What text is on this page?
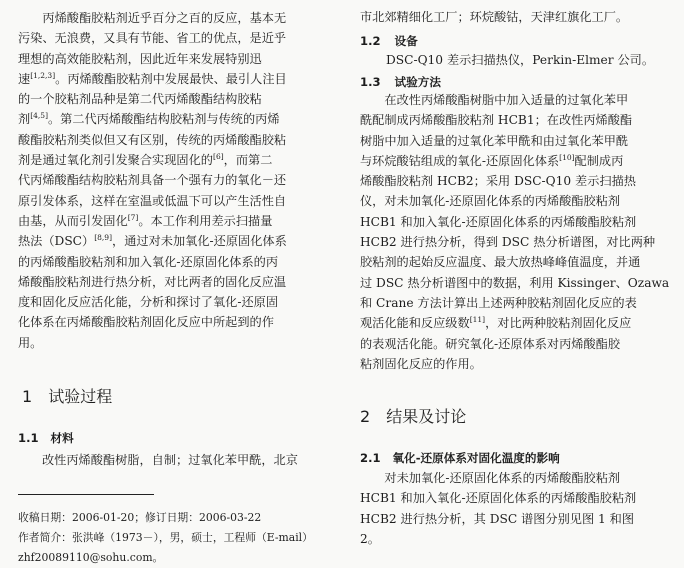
丙烯酸酯胶粘剂近乎百分之百的反应，基本无

污染、无浪费，又具有节能、省工的优点，是近乎

理想的高效能胶粘剂，因此近年来发展特别迅

速[1,2,3]。丙烯酸酯胶粘剂中发展最快、最引人注目

的一个胶粘剂品种是第二代丙烯酸酯结构胶粘

剂[4,5]。第二代丙烯酸酯结构胶粘剂与传统的丙烯

酸酯胶粘剂类似但又有区别，传统的丙烯酸酯胶粘

剂是通过氧化剂引发聚合实现固化的[6]，而第二

代丙烯酸酯结构胶粘剂具备一个强有力的氧化－还

原引发体系，这样在室温或低温下可以产生活性自

由基，从而引发固化[7]。本工作利用差示扫描量

热法（DSC）[8,9]，通过对未加氧化-还原固化体系

的丙烯酸酯胶粘剂和加入氧化-还原固化体系的丙

烯酸酯胶粘剂进行热分析，对比两者的固化反应温

度和固化反应活化能，分析和探讨了氧化-还原固

化体系在丙烯酸酯胶粘剂固化反应中所起到的作

用。

1 试验过程
1.1 材料

改性丙烯酸酯树脂，自制；过氧化苯甲酰，北京

收稿日期：2006-01-20；修订日期：2006-03-22

作者简介：张洪峰（1973－），男，硕士，工程师（E-mail）

zhf20089110@sohu.com。

市北郊精细化工厂；环烷酸钴，天津红旗化工厂。

1.2 设备

DSC-Q10 差示扫描热仪，Perkin-Elmer 公司。

1.3 试验方法

在改性丙烯酸酯树脂中加入适量的过氧化苯甲

酰配制成丙烯酸酯胶粘剂 HCB1；在改性丙烯酸酯

树脂中加入适量的过氧化苯甲酰和由过氧化苯甲酰

与环烷酸钴组成的氧化-还原固化体系[10]配制成丙

烯酸酯胶粘剂 HCB2；采用 DSC-Q10 差示扫描热

仪，对未加氧化-还原固化体系的丙烯酸酯胶粘剂

HCB1 和加入氧化-还原固化体系的丙烯酸酯胶粘剂

HCB2 进行热分析，得到 DSC 热分析谱图，对比两种

胶粘剂的起始反应温度、最大放热峰峰值温度，并通

过 DSC 热分析谱图中的数据，利用 Kissinger、Ozawa

和 Crane 方法计算出上述两种胶粘剂固化反应的表

观活化能和反应级数[11]，对比两种胶粘剂固化反应

的表观活化能。研究氧化-还原体系对丙烯酸酯胶

粘剂固化反应的作用。

2 结果及讨论
2.1 氧化-还原体系对固化温度的影响

对未加氧化-还原固化体系的丙烯酸酯胶粘剂

HCB1 和加入氧化-还原固化体系的丙烯酸酯胶粘剂

HCB2 进行热分析，其 DSC 谱图分别见图 1 和图

2。
